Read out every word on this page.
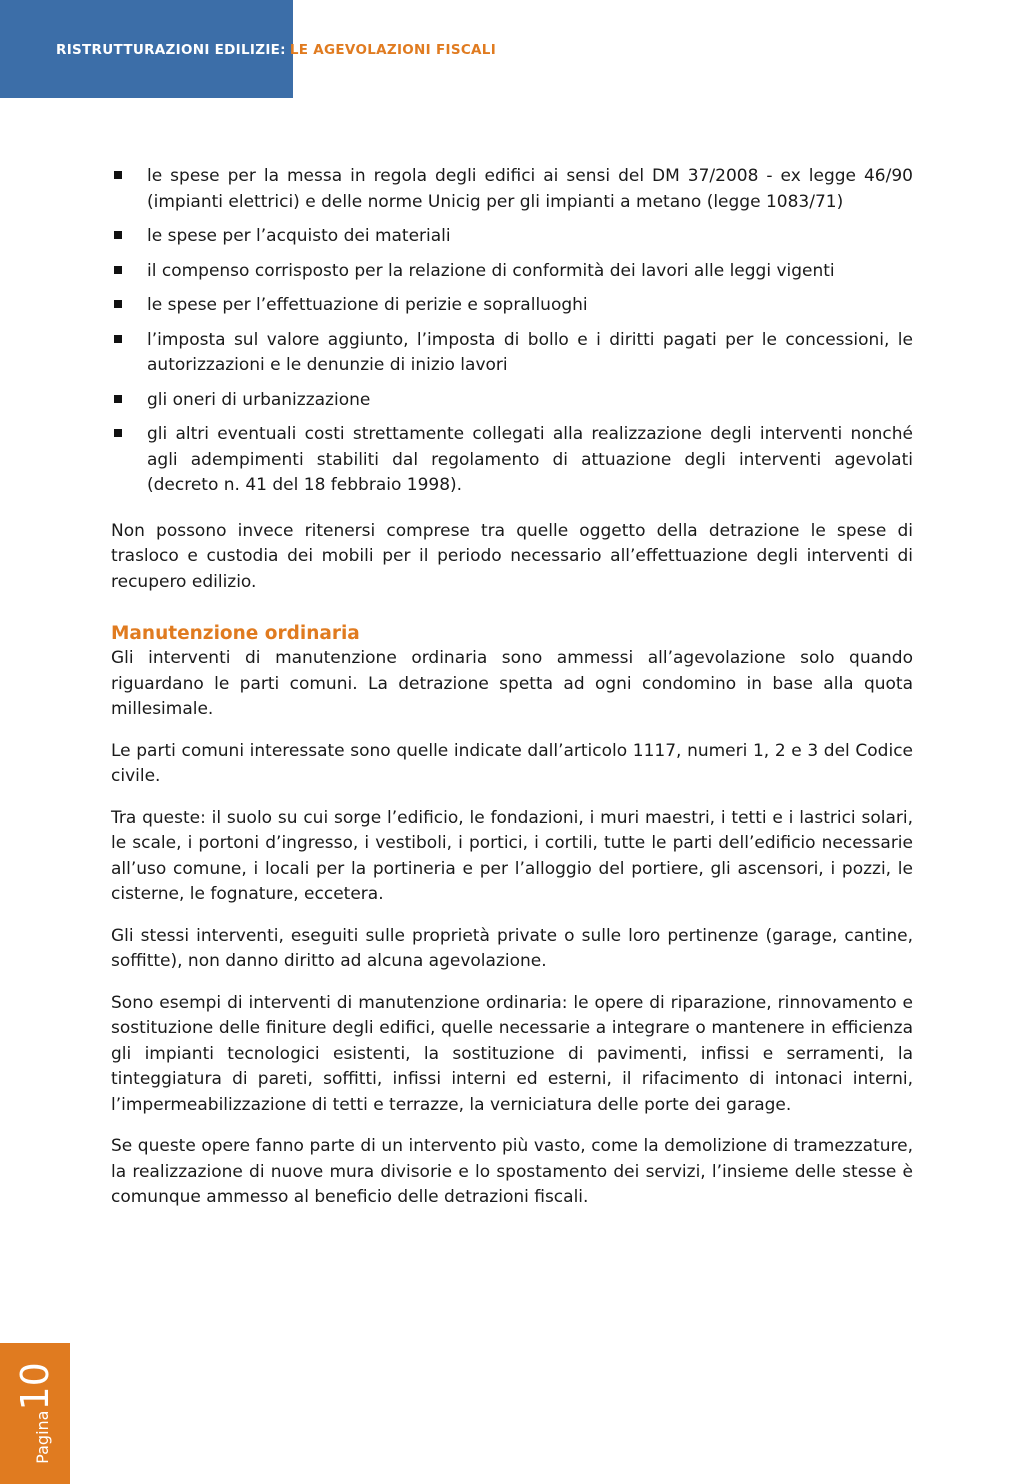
RISTRUTTURAZIONI EDILIZIE: LE AGEVOLAZIONI FISCALI
le spese per la messa in regola degli edifici ai sensi del DM 37/2008 - ex legge 46/90 (impianti elettrici) e delle norme Unicig per gli impianti a metano (legge 1083/71)
le spese per l’acquisto dei materiali
il compenso corrisposto per la relazione di conformità dei lavori alle leggi vigenti
le spese per l’effettuazione di perizie e sopralluoghi
l’imposta sul valore aggiunto, l’imposta di bollo e i diritti pagati per le concessioni, le autorizzazioni e le denunzie di inizio lavori
gli oneri di urbanizzazione
gli altri eventuali costi strettamente collegati alla realizzazione degli interventi nonché agli adempimenti stabiliti dal regolamento di attuazione degli interventi agevolati (decreto n. 41 del 18 febbraio 1998).

Non possono invece ritenersi comprese tra quelle oggetto della detrazione le spese di trasloco e custodia dei mobili per il periodo necessario all’effettuazione degli interventi di recupero edilizio.

Manutenzione ordinaria

Gli interventi di manutenzione ordinaria sono ammessi all’agevolazione solo quando riguardano le parti comuni. La detrazione spetta ad ogni condomino in base alla quota millesimale.

Le parti comuni interessate sono quelle indicate dall’articolo 1117, numeri 1, 2 e 3 del Codice civile.

Tra queste: il suolo su cui sorge l’edificio, le fondazioni, i muri maestri, i tetti e i lastrici solari, le scale, i portoni d’ingresso, i vestiboli, i portici, i cortili, tutte le parti dell’edificio necessarie all’uso comune, i locali per la portineria e per l’alloggio del portiere, gli ascensori, i pozzi, le cisterne, le fognature, eccetera.

Gli stessi interventi, eseguiti sulle proprietà private o sulle loro pertinenze (garage, cantine, soffitte), non danno diritto ad alcuna agevolazione.

Sono esempi di interventi di manutenzione ordinaria: le opere di riparazione, rinnovamento e sostituzione delle finiture degli edifici, quelle necessarie a integrare o mantenere in efficienza gli impianti tecnologici esistenti, la sostituzione di pavimenti, infissi e serramenti, la tinteggiatura di pareti, soffitti, infissi interni ed esterni, il rifacimento di intonaci interni, l’impermeabilizzazione di tetti e terrazze, la verniciatura delle porte dei garage.

Se queste opere fanno parte di un intervento più vasto, come la demolizione di tramezzature, la realizzazione di nuove mura divisorie e lo spostamento dei servizi, l’insieme delle stesse è comunque ammesso al beneficio delle detrazioni fiscali.

Pagina10
